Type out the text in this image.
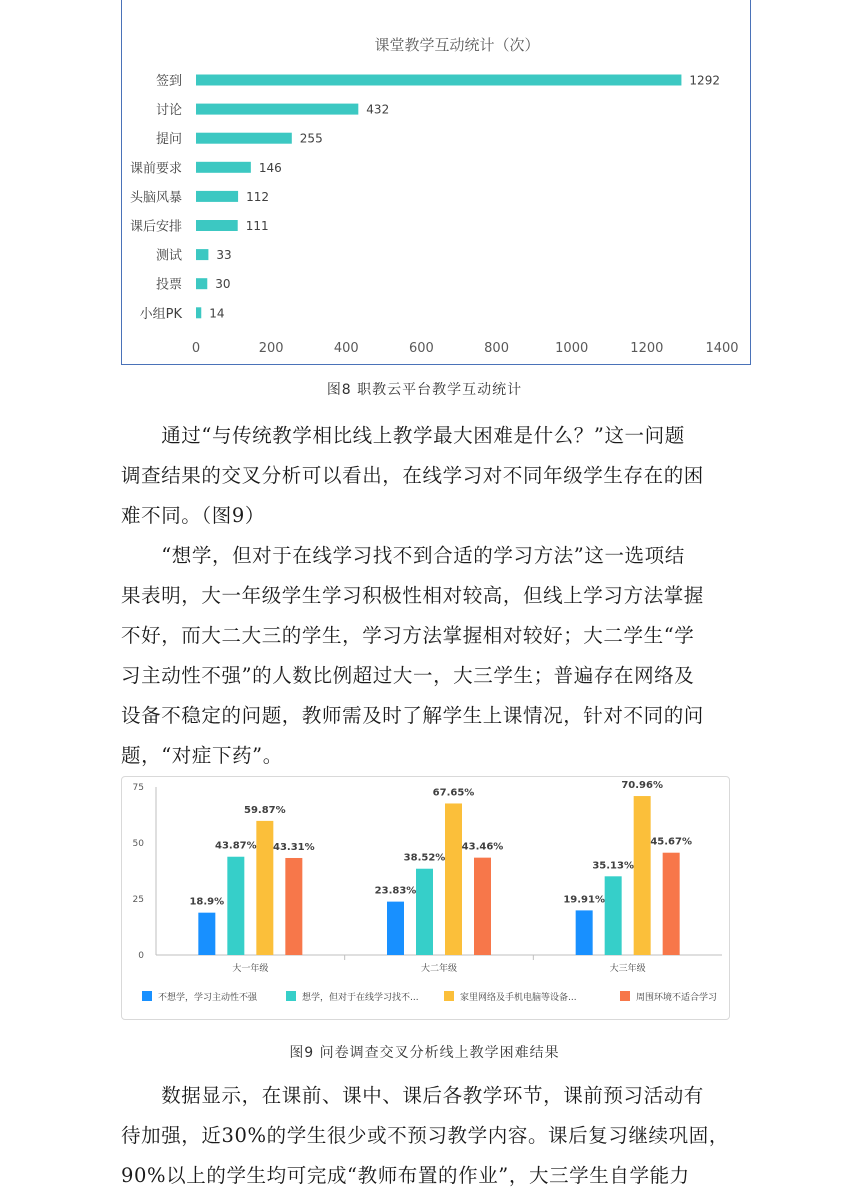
课堂教学互动统计（次）
签到	1292
讨论	432
提问	255
课前要求	146
头脑风暴	112
课后安排	111
测试	33
投票	30
小组PK 14
0	200	400	600	800	1000	1200	1400
图8 职教云平台教学互动统计

　　通过“与传统教学相比线上教学最大困难是什么？”这一问题
调查结果的交叉分析可以看出，在线学习对不同年级学生存在的困
难不同。（图9）

　　“想学，但对于在线学习找不到合适的学习方法”这一选项结
果表明，大一年级学生学习积极性相对较高，但线上学习方法掌握
不好，而大二大三的学生，学习方法掌握相对较好；大二学生“学
习主动性不强”的人数比例超过大一，大三学生；普遍存在网络及
设备不稳定的问题，教师需及时了解学生上课情况，针对不同的问
题，“对症下药”。

0
25
50
75
大一年级
18.9%
43.87%
59.87%
43.31%
大二年级
23.83%
38.52%
67.65%
43.46%
大三年级
19.91%
35.13%
70.96%
45.67%
不想学，学习主动性不强	想学，但对于在线学习找不...	家里网络及手机电脑等设备...	周围环境不适合学习
图9 问卷调查交叉分析线上教学困难结果

　　数据显示，在课前、课中、课后各教学环节，课前预习活动有
待加强，近30%的学生很少或不预习教学内容。课后复习继续巩固，
90%以上的学生均可完成“教师布置的作业”，大三学生自学能力
